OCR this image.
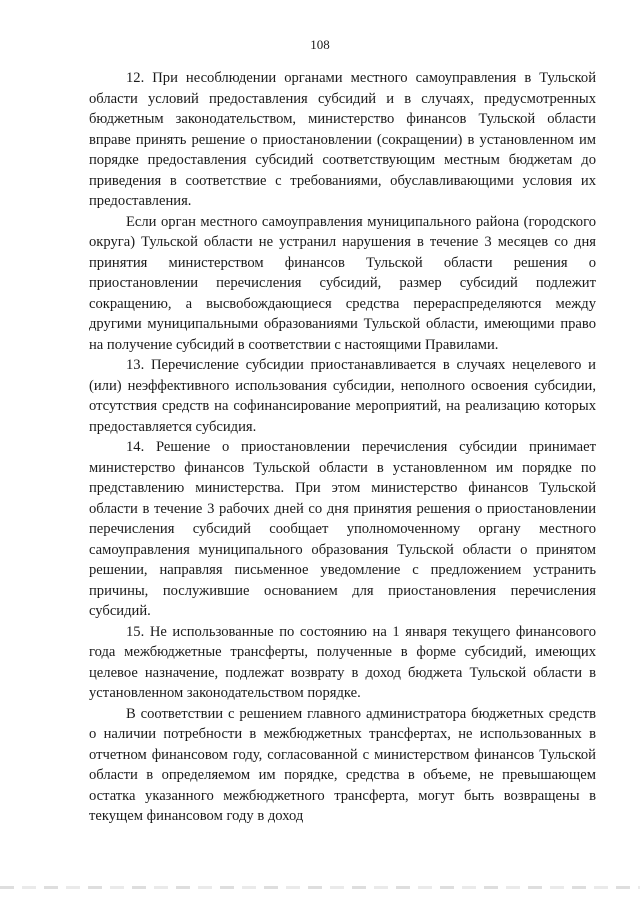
108

12. При несоблюдении органами местного самоуправления в Тульской области условий предоставления субсидий и в случаях, предусмотренных бюджетным законодательством, министерство финансов Тульской области вправе принять решение о приостановлении (сокращении) в установленном им порядке предоставления субсидий соответствующим местным бюджетам до приведения в соответствие с требованиями, обуславливающими условия их предоставления.

Если орган местного самоуправления муниципального района (городского округа) Тульской области не устранил нарушения в течение 3 месяцев со дня принятия министерством финансов Тульской области решения о приостановлении перечисления субсидий, размер субсидий подлежит сокращению, а высвобождающиеся средства перераспределяются между другими муниципальными образованиями Тульской области, имеющими право на получение субсидий в соответствии с настоящими Правилами.

13. Перечисление субсидии приостанавливается в случаях нецелевого и (или) неэффективного использования субсидии, неполного освоения субсидии, отсутствия средств на софинансирование мероприятий, на реализацию которых предоставляется субсидия.

14. Решение о приостановлении перечисления субсидии принимает министерство финансов Тульской области в установленном им порядке по представлению министерства. При этом министерство финансов Тульской области в течение 3 рабочих дней со дня принятия решения о приостановлении перечисления субсидий сообщает уполномоченному органу местного самоуправления муниципального образования Тульской области о принятом решении, направляя письменное уведомление с предложением устранить причины, послужившие основанием для приостановления перечисления субсидий.

15. Не использованные по состоянию на 1 января текущего финансового года межбюджетные трансферты, полученные в форме субсидий, имеющих целевое назначение, подлежат возврату в доход бюджета Тульской области в установленном законодательством порядке.

В соответствии с решением главного администратора бюджетных средств о наличии потребности в межбюджетных трансфертах, не использованных в отчетном финансовом году, согласованной с министерством финансов Тульской области в определяемом им порядке, средства в объеме, не превышающем остатка указанного межбюджетного трансферта, могут быть возвращены в текущем финансовом году в доход
